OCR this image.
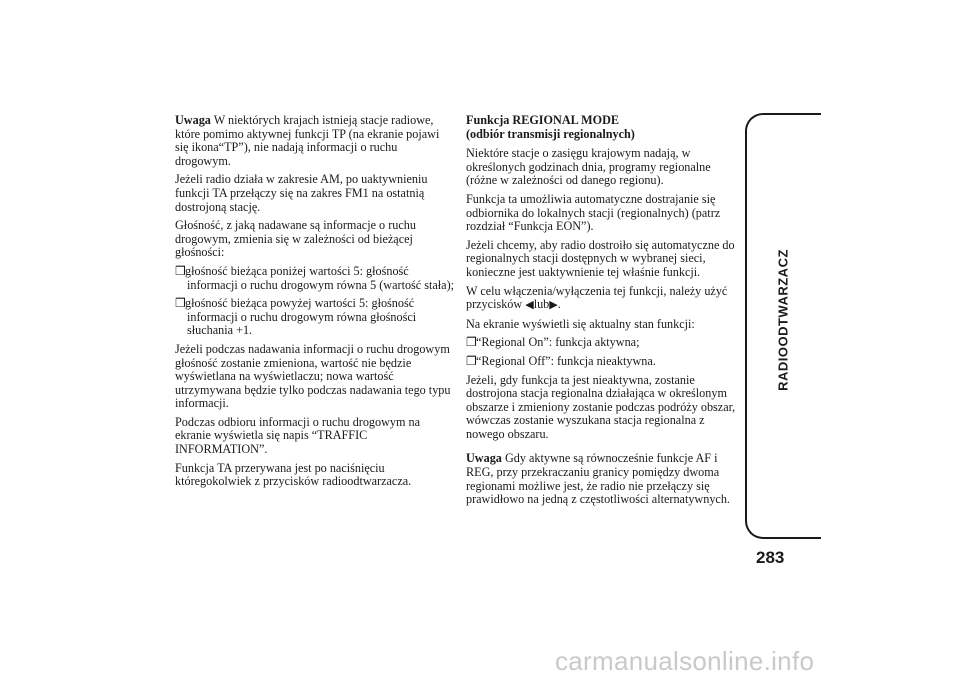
Uwaga W niektórych krajach istnieją stacje radiowe, które pomimo aktywnej funkcji TP (na ekranie pojawi się ikona“TP”), nie nadają informacji o ruchu drogowym.

Jeżeli radio działa w zakresie AM, po uaktywnieniu funkcji TA przełączy się na zakres FM1 na ostatnią dostrojoną stację.

Głośność, z jaką nadawane są informacje o ruchu drogowym, zmienia się w zależności od bieżącej głośności:

❒głośność bieżąca poniżej wartości 5: głośność informacji o ruchu drogowym równa 5 (wartość stała);

❒głośność bieżąca powyżej wartości 5: głośność informacji o ruchu drogowym równa głośności słuchania +1.

Jeżeli podczas nadawania informacji o ruchu drogowym głośność zostanie zmieniona, wartość nie będzie wyświetlana na wyświetlaczu; nowa wartość utrzymywana będzie tylko podczas nadawania tego typu informacji.

Podczas odbioru informacji o ruchu drogowym na ekranie wyświetla się napis “TRAFFIC INFORMATION”.

Funkcja TA przerywana jest po naciśnięciu któregokolwiek z przycisków radioodtwarzacza.

Funkcja REGIONAL MODE
(odbiór transmisji regionalnych)

Niektóre stacje o zasięgu krajowym nadają, w określonych godzinach dnia, programy regionalne (różne w zależności od danego regionu).

Funkcja ta umożliwia automatyczne dostrajanie się odbiornika do lokalnych stacji (regionalnych) (patrz rozdział “Funkcja EON”).

Jeżeli chcemy, aby radio dostroiło się automatyczne do regionalnych stacji dostępnych w wybranej sieci, konieczne jest uaktywnienie tej właśnie funkcji.

W celu włączenia/wyłączenia tej funkcji, należy użyć przycisków ◀lub▶.

Na ekranie wyświetli się aktualny stan funkcji:

❒“Regional On”: funkcja aktywna;

❒“Regional Off”: funkcja nieaktywna.

Jeżeli, gdy funkcja ta jest nieaktywna, zostanie dostrojona stacja regionalna działająca w określonym obszarze i zmieniony zostanie podczas podróży obszar, wówczas zostanie wyszukana stacja regionalna z nowego obszaru.

Uwaga Gdy aktywne są równocześnie funkcje AF i REG, przy przekraczaniu granicy pomiędzy dwoma regionami możliwe jest, że radio nie przełączy się prawidłowo na jedną z częstotliwości alternatywnych.

RADIOODTWARZACZ
283
carmanualsonline.info
